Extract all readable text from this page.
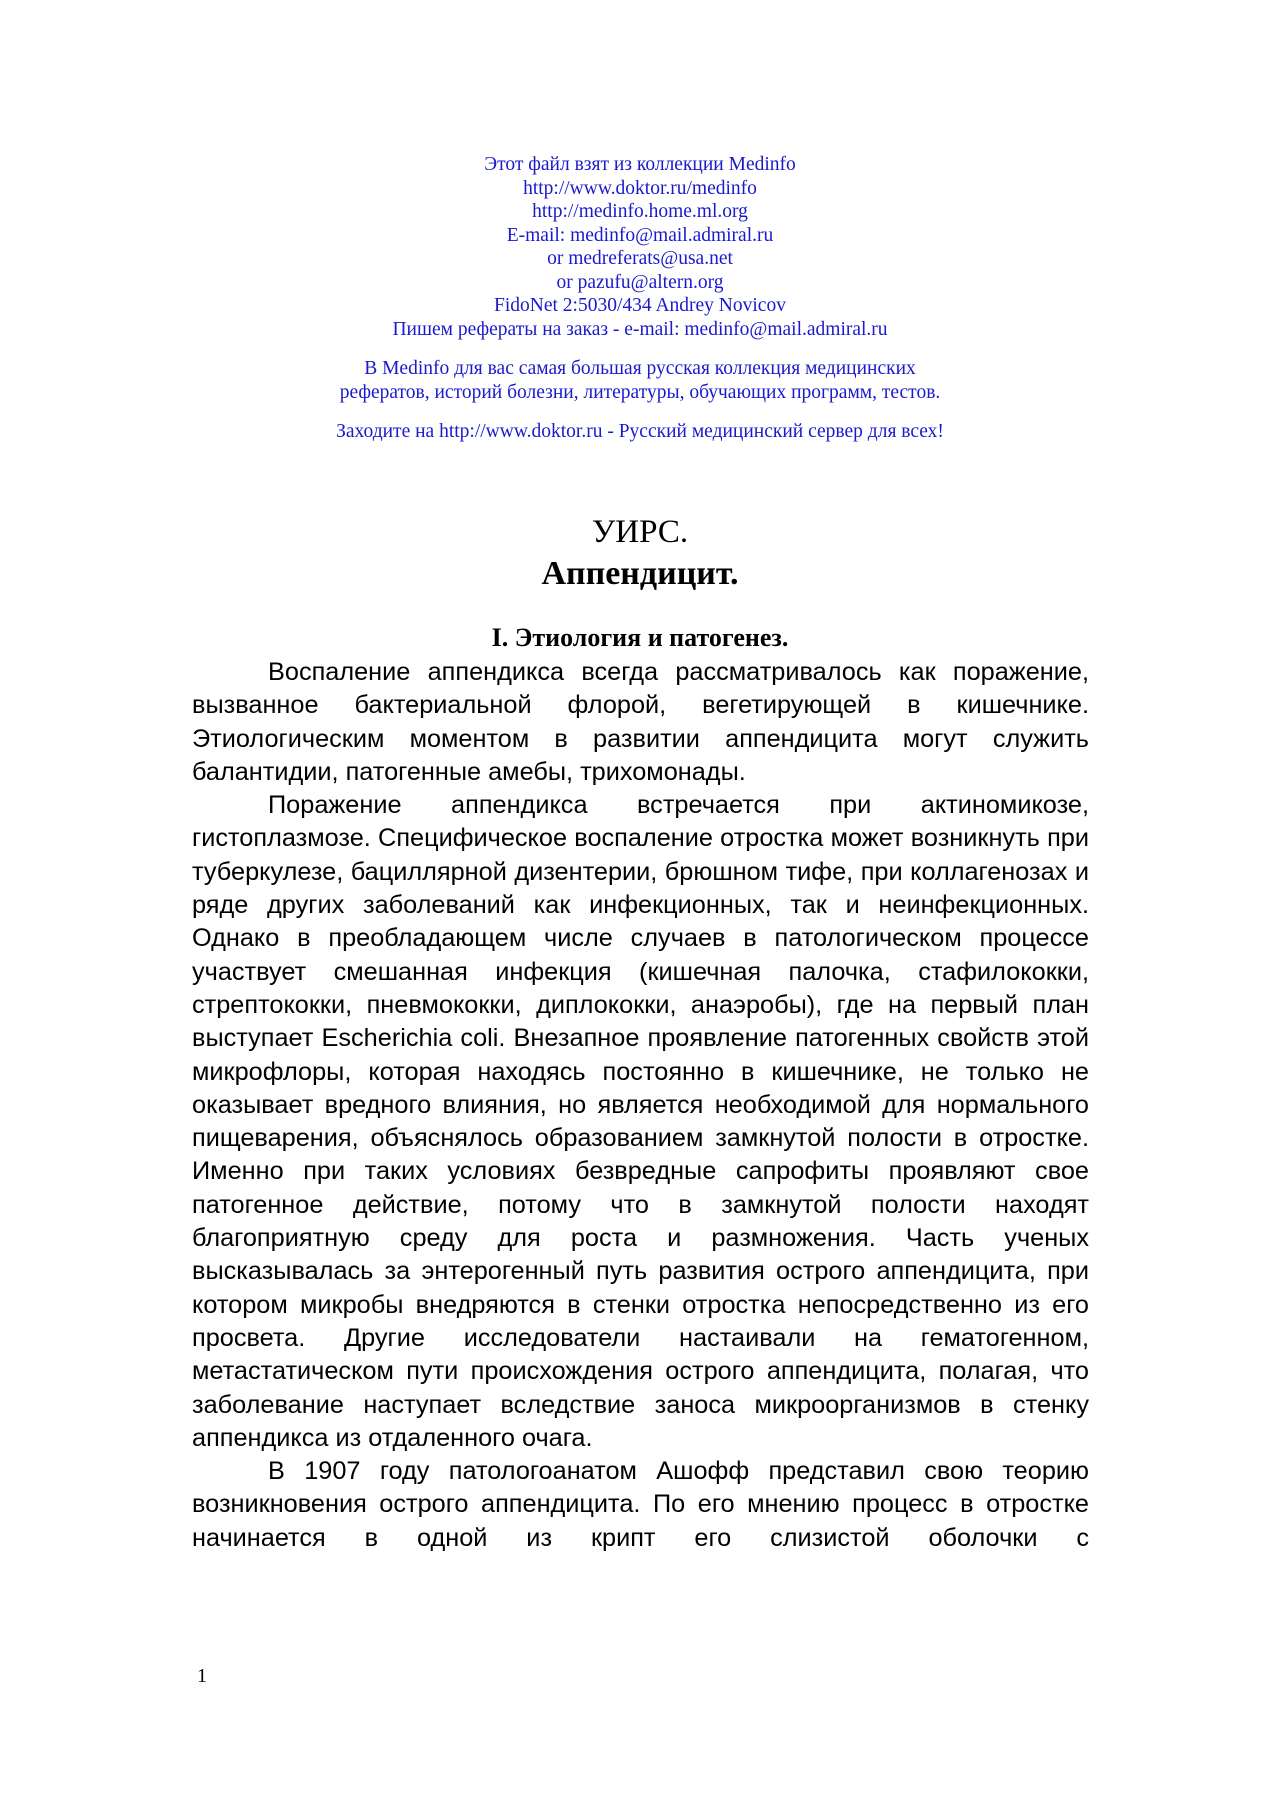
Этот файл взят из коллекции Medinfo
http://www.doktor.ru/medinfo
http://medinfo.home.ml.org
E-mail: medinfo@mail.admiral.ru
or medreferats@usa.net
or pazufu@altern.org
FidoNet 2:5030/434 Andrey Novicov
Пишем рефераты на заказ - e-mail: medinfo@mail.admiral.ru
В Medinfo для вас самая большая русская коллекция медицинских
рефератов, историй болезни, литературы, обучающих программ, тестов.
Заходите на http://www.doktor.ru - Русский медицинский сервер для всех!
УИРС.
Аппендицит.
I. Этиология и патогенез.

Воспаление аппендикса всегда рассматривалось как поражение, вызванное бактериальной флорой, вегетирующей в кишечнике. Этиологическим моментом в развитии аппендицита могут служить балантидии, патогенные амебы, трихомонады.

Поражение аппендикса встречается при актиномикозе, гистоплазмозе. Специфическое воспаление отростка может возникнуть при туберкулезе, бациллярной дизентерии, брюшном тифе, при коллагенозах и ряде других заболеваний как инфекционных, так и неинфекционных. Однако в преобладающем числе случаев в патологическом процессе участвует смешанная инфекция (кишечная палочка, стафилококки, стрептококки, пневмококки, диплококки, анаэробы), где на первый план выступает Escherichia coli. Внезапное проявление патогенных свойств этой микрофлоры, которая находясь постоянно в кишечнике, не только не оказывает вредного влияния, но является необходимой для нормального пищеварения, объяснялось образованием замкнутой полости в отростке. Именно при таких условиях безвредные сапрофиты проявляют свое патогенное действие, потому что в замкнутой полости находят благоприятную среду для роста и размножения. Часть ученых высказывалась за энтерогенный путь развития острого аппендицита, при котором микробы внедряются в стенки отростка непосредственно из его просвета. Другие исследователи настаивали на гематогенном, метастатическом пути происхождения острого аппендицита, полагая, что заболевание наступает вследствие заноса микроорганизмов в стенку аппендикса из отдаленного очага.

В 1907 году патологоанатом Ашофф представил свою теорию возникновения острого аппендицита. По его мнению процесс в отростке начинается в одной из крипт его слизистой оболочки с

1
